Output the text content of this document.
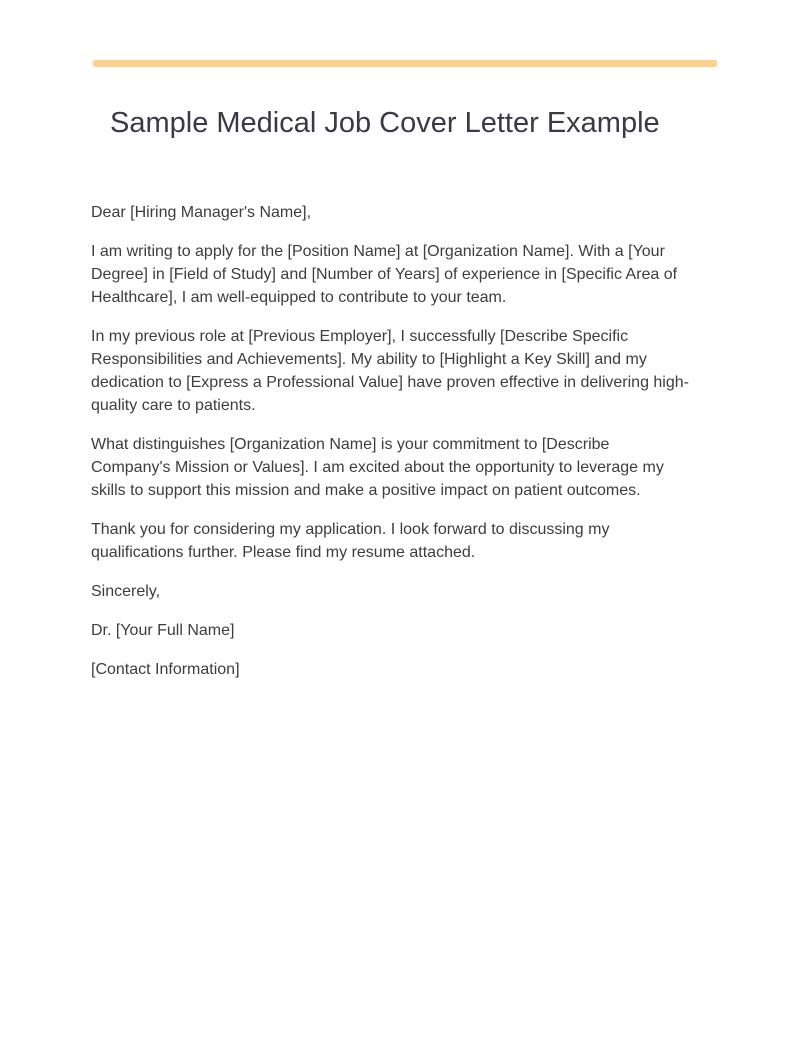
Sample Medical Job Cover Letter Example

Dear [Hiring Manager's Name],

I am writing to apply for the [Position Name] at [Organization Name]. With a [Your Degree] in [Field of Study] and [Number of Years] of experience in [Specific Area of Healthcare], I am well-equipped to contribute to your team.

In my previous role at [Previous Employer], I successfully [Describe Specific Responsibilities and Achievements]. My ability to [Highlight a Key Skill] and my dedication to [Express a Professional Value] have proven effective in delivering high-quality care to patients.

What distinguishes [Organization Name] is your commitment to [Describe Company's Mission or Values]. I am excited about the opportunity to leverage my skills to support this mission and make a positive impact on patient outcomes.

Thank you for considering my application. I look forward to discussing my qualifications further. Please find my resume attached.

Sincerely,

Dr. [Your Full Name]

[Contact Information]
